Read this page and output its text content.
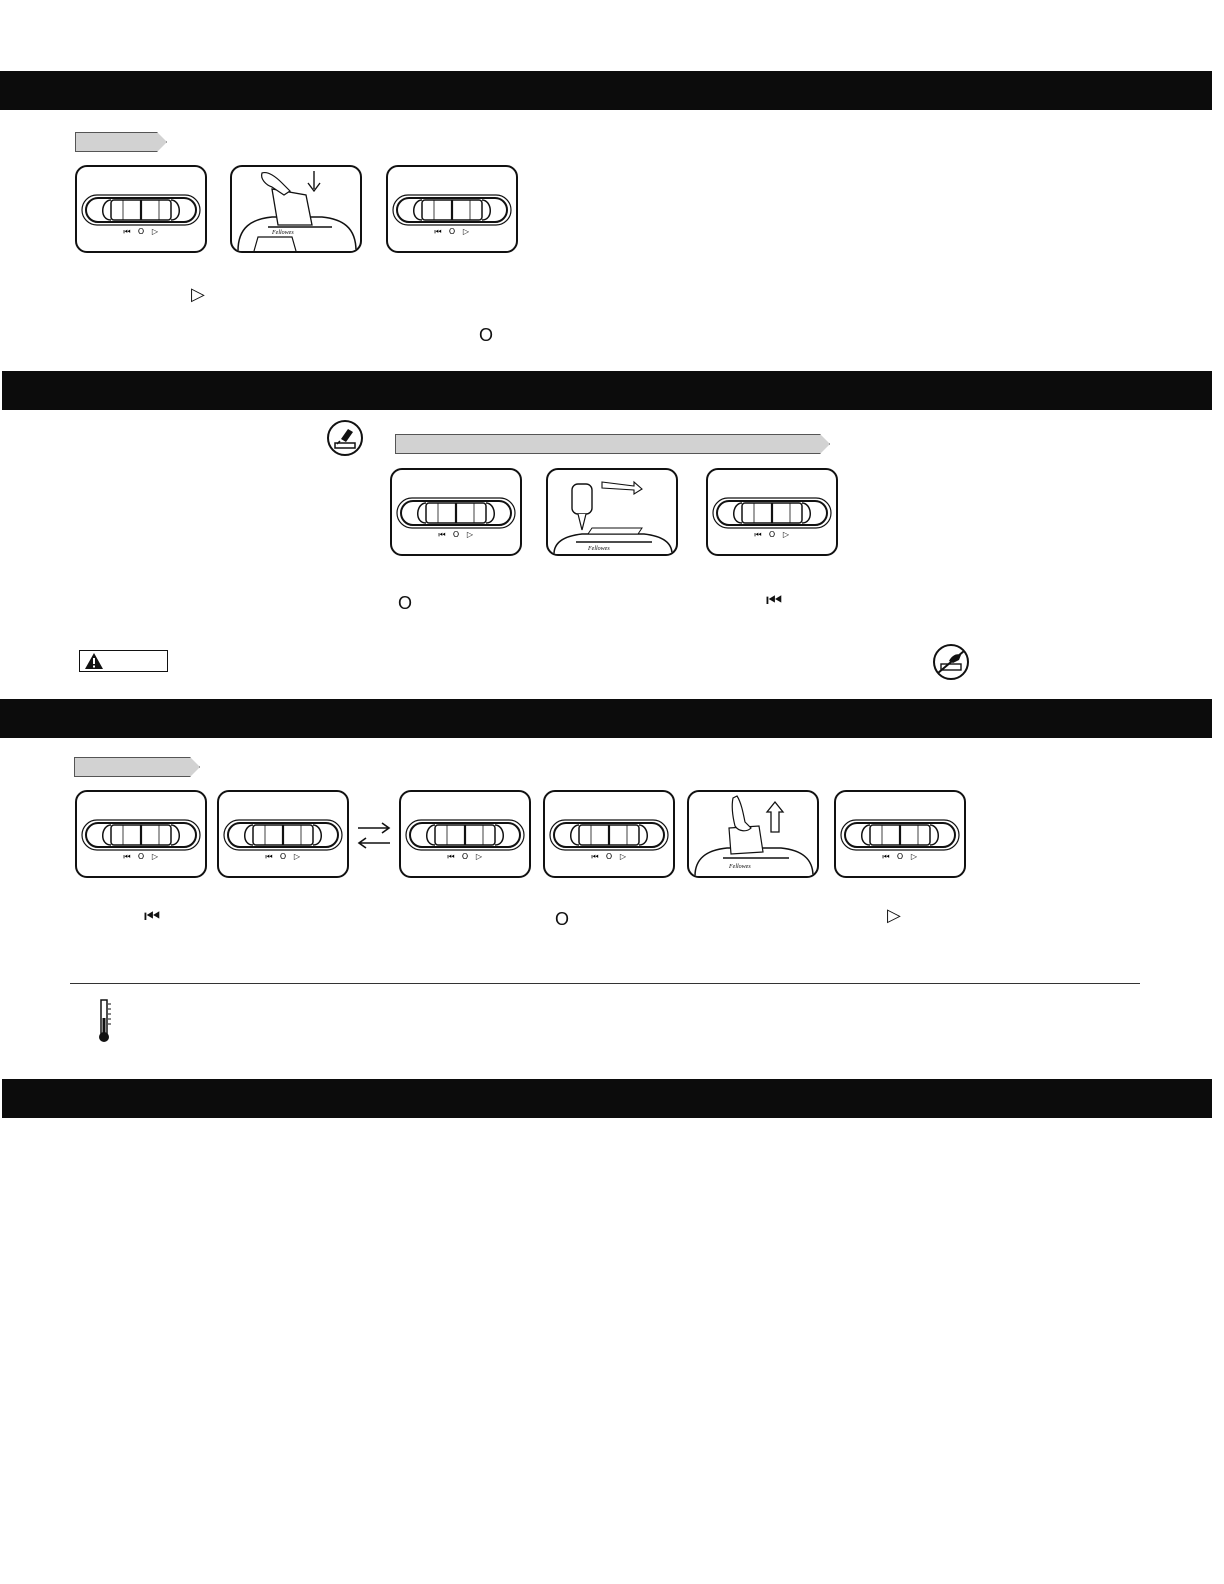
⏮ O ▷	Fellowes	⏮ O ▷
▷
O
⏮ O ▷
Fellowes
⏮ O ▷
O	⏮
⏮ O ▷	⏮ O ▷	⏮ O ▷	⏮ O ▷
Fellowes
⏮ O ▷
⏮	O	▷
